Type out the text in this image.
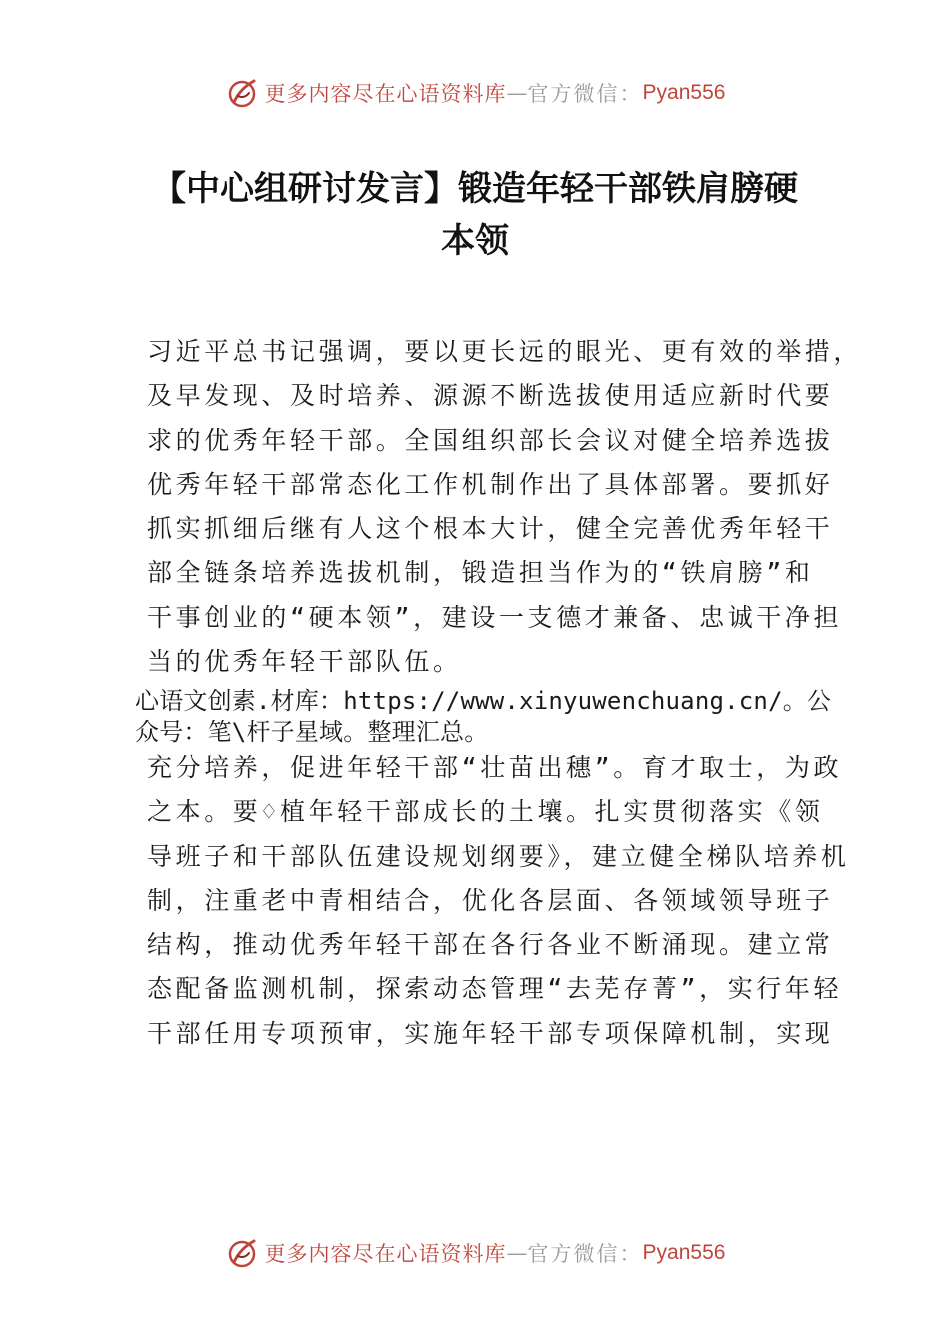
更多内容尽在心语资料库 — 官方微信： Pyan556
【中心组研讨发言】锻造年轻干部铁肩膀硬
本领
习近平总书记强调，要以更长远的眼光、更有效的举措，
及早发现、及时培养、源源不断选拔使用适应新时代要
求的优秀年轻干部。全国组织部长会议对健全培养选拔
优秀年轻干部常态化工作机制作出了具体部署。要抓好
抓实抓细后继有人这个根本大计，健全完善优秀年轻干
部全链条培养选拔机制，锻造担当作为的“铁肩膀”和
干事创业的“硬本领”，建设一支德才兼备、忠诚干净担
当的优秀年轻干部队伍。
心语文创素.材库：https://www.xinyuwenchuang.cn/。公
众号：笔\杆子星域。整理汇总。
充分培养，促进年轻干部“壮苗出穗”。育才取士，为政
之本。要♢植年轻干部成长的土壤。扎实贯彻落实《领
导班子和干部队伍建设规划纲要》，建立健全梯队培养机
制，注重老中青相结合，优化各层面、各领域领导班子
结构，推动优秀年轻干部在各行各业不断涌现。建立常
态配备监测机制，探索动态管理“去芜存菁”，实行年轻
干部任用专项预审，实施年轻干部专项保障机制，实现
更多内容尽在心语资料库 — 官方微信： Pyan556
